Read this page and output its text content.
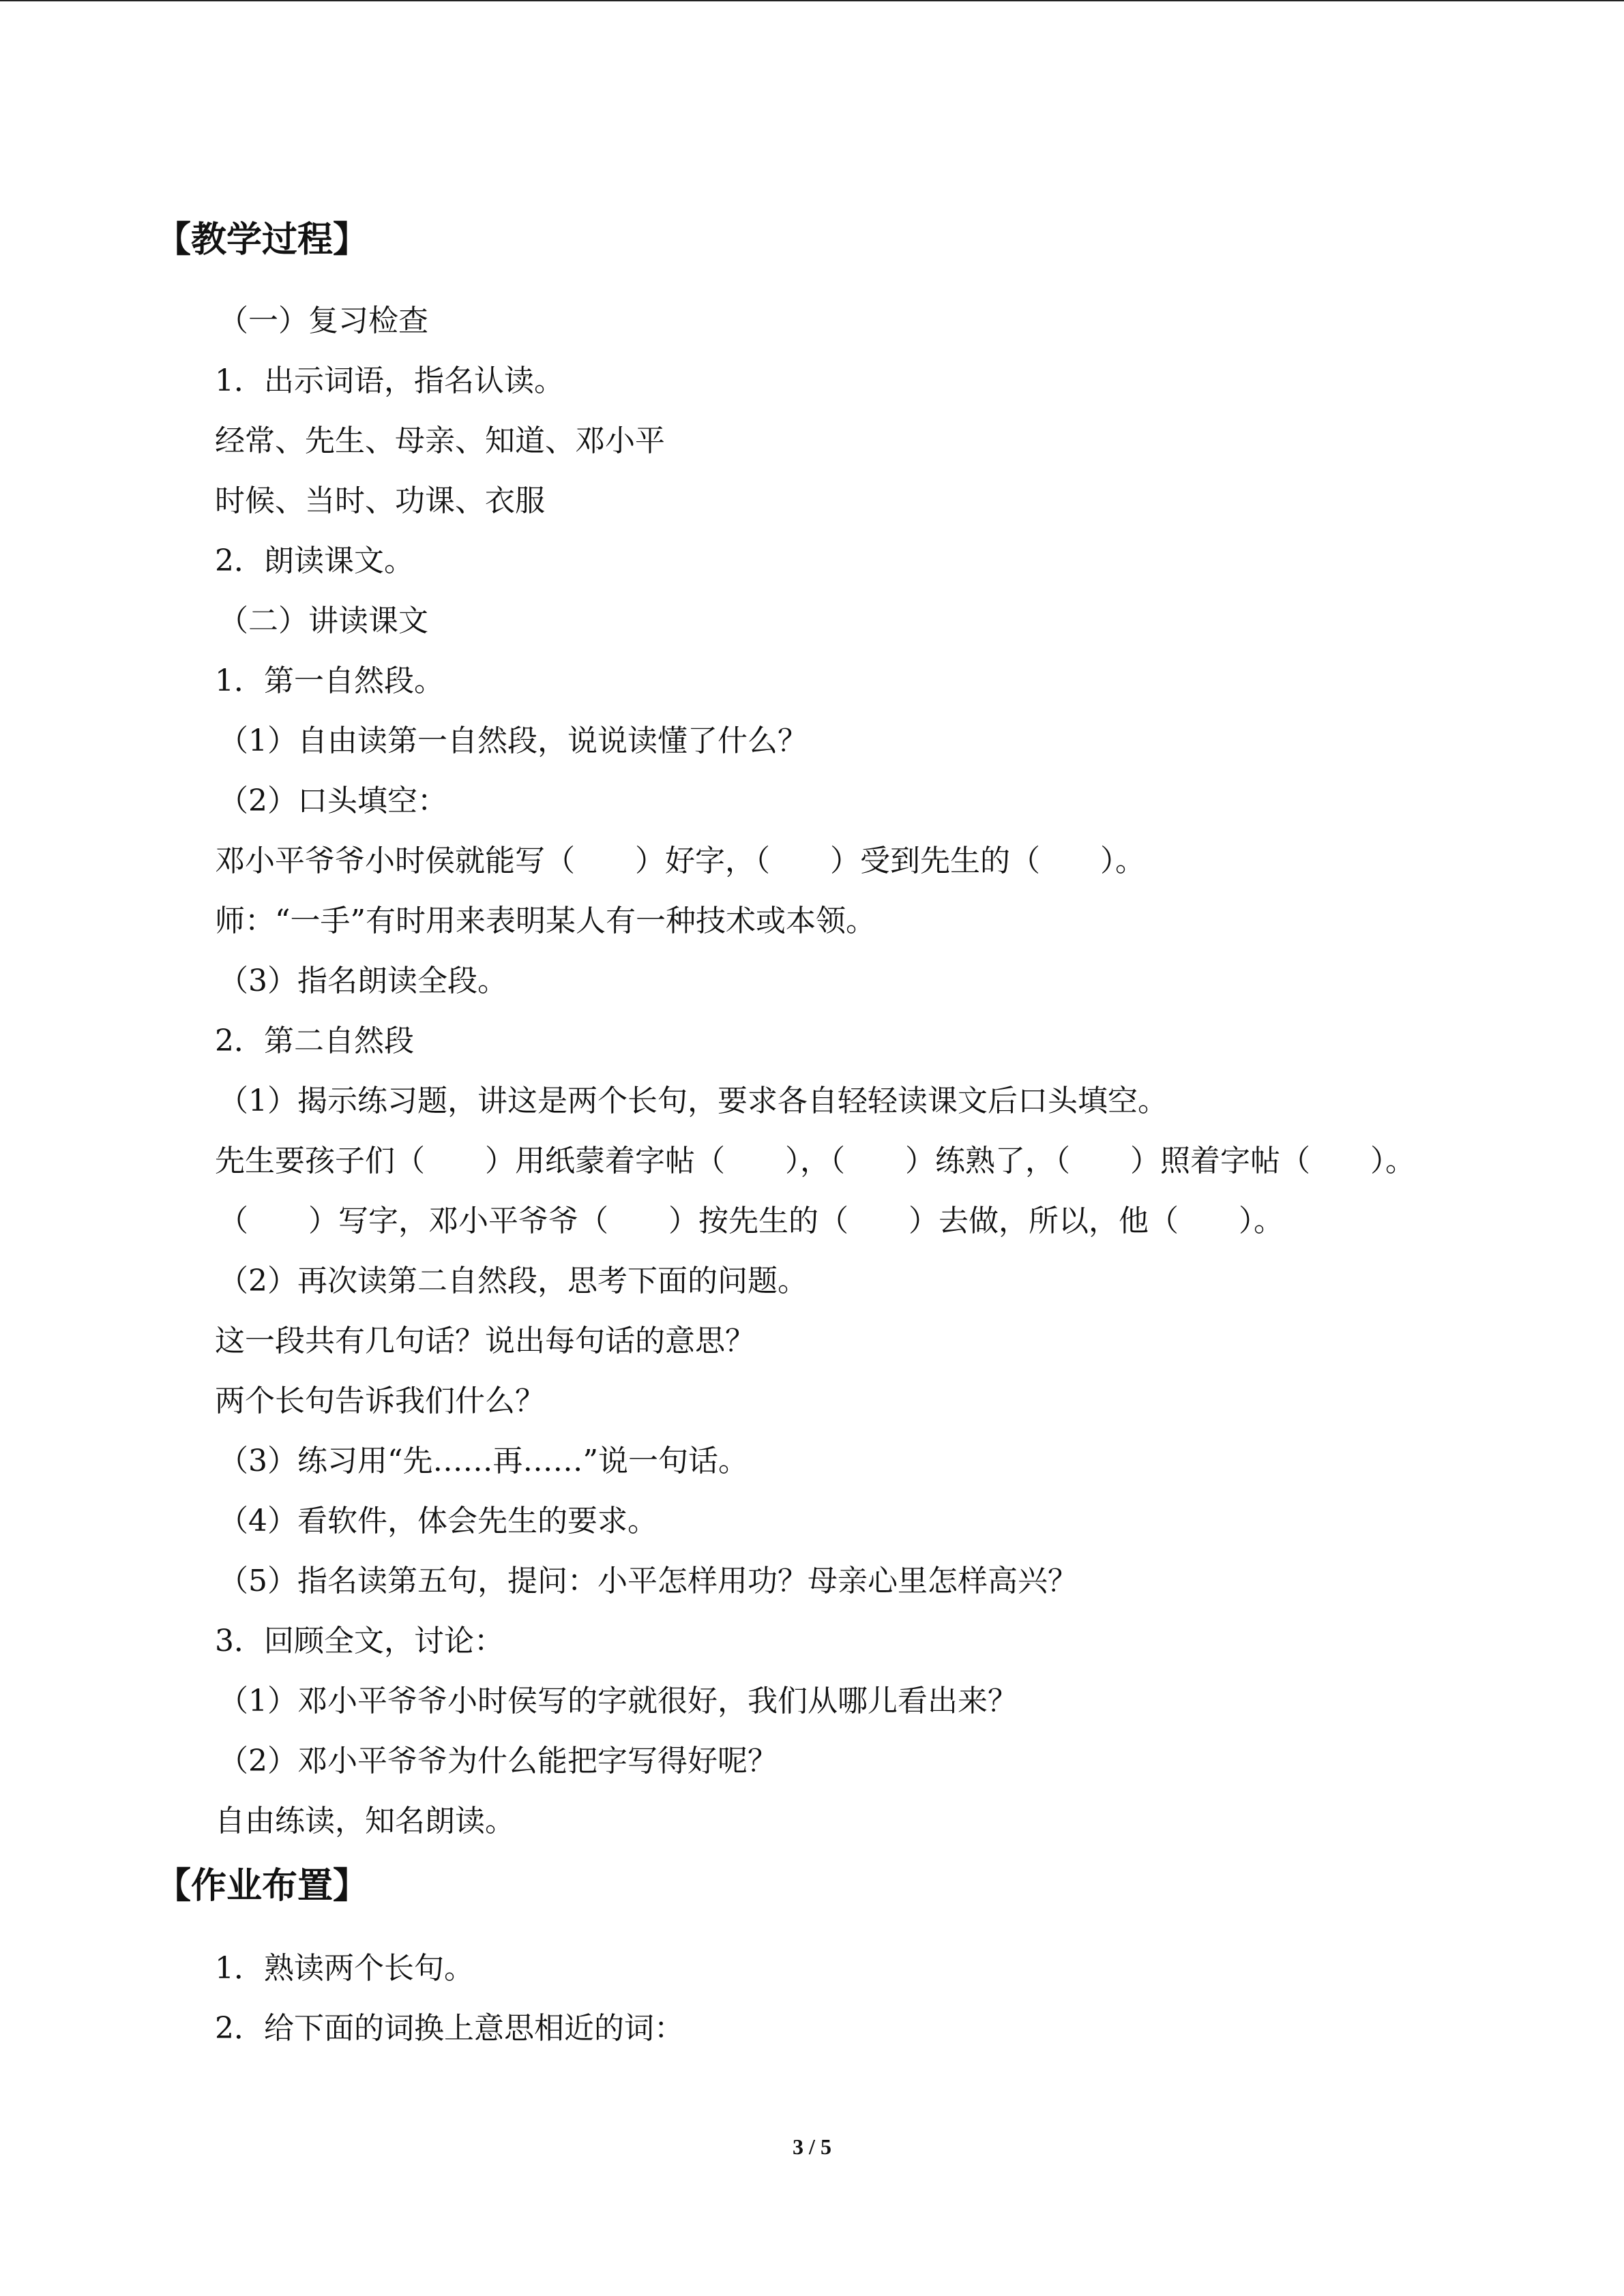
【教学过程】
（一）复习检查
1．出示词语，指名认读。
经常、先生、母亲、知道、邓小平
时候、当时、功课、衣服
2．朗读课文。
（二）讲读课文
1．第一自然段。
（1）自由读第一自然段，说说读懂了什么？
（2）口头填空：
邓小平爷爷小时侯就能写（　　）好字，（　　）受到先生的（　　）。
师：“一手”有时用来表明某人有一种技术或本领。
（3）指名朗读全段。
2．第二自然段
（1）揭示练习题，讲这是两个长句，要求各自轻轻读课文后口头填空。
先生要孩子们（　　）用纸蒙着字帖（　　），（　　）练熟了，（　　）照着字帖（　　）。
（　　）写字，邓小平爷爷（　　）按先生的（　　）去做，所以，他（　　）。
（2）再次读第二自然段，思考下面的问题。
这一段共有几句话？说出每句话的意思？
两个长句告诉我们什么？
（3）练习用“先……再……”说一句话。
（4）看软件，体会先生的要求。
（5）指名读第五句，提问：小平怎样用功？母亲心里怎样高兴？
3．回顾全文，讨论：
（1）邓小平爷爷小时侯写的字就很好，我们从哪儿看出来？
（2）邓小平爷爷为什么能把字写得好呢？
自由练读，知名朗读。
【作业布置】
1．熟读两个长句。
2．给下面的词换上意思相近的词：
3 / 5
